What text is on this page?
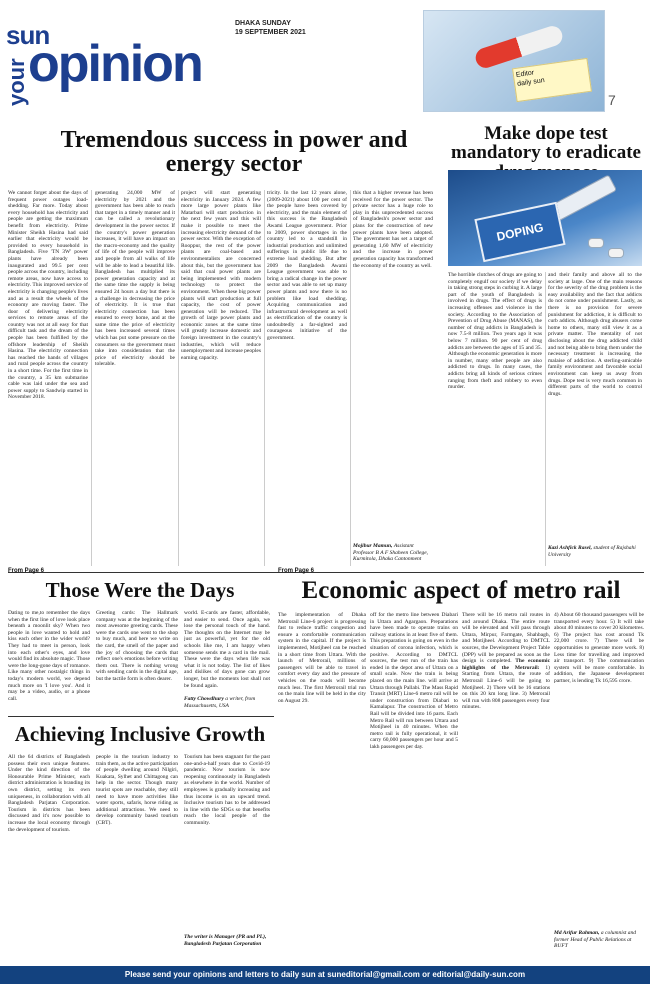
sun
your opinion
DHAKA SUNDAY
19 SEPTEMBER 2021
Editor
daily sun
7
Tremendous success in power and energy sector
We cannot forget about the days of frequent power outages load-shedding. Far more. Today about every household has electricity and people are getting the maximum benefit from electricity. Prime Minister Sheikh Hasina had said earlier that electricity would be provided to every household in Bangladesh. Five 'TN 3W' power plants have already been inaugurated and 99.5 per cent people across the country, including remote areas, now have access to electricity. This improved service of electricity is changing people's lives and as a result the wheels of the economy are moving faster. The door of delivering electricity services to remote areas of the country was not at all easy for that difficult task and the dream of the people has been fulfilled by the offshore leadership of Sheikh Hasina. The electricity connection has reached the hands of villages and rural people across the country in a short time. For the first time in the country, a 35 km submarine cable was laid under the sea and power supply to Sandwip started in November 2018.
generating 24,000 MW of electricity by 2021 and the government has been able to reach that target in a timely manner and it can be called a revolutionary development in the power sector. If the country's power generation increases, it will have an impact on the macro-economy and the quality of life of the people will improve and people from all walks of life will be able to lead a beautiful life. Bangladesh has multiplied its power generation capacity and at the same time the supply is being ensured 24 hours a day but there is a challenge in decreasing the price of electricity. It is true that electricity connection has been ensured to every home, and at the same time the price of electricity has been increased several times which has put some pressure on the consumers so the government must take into consideration that the price of electricity should be tolerable.
project will start generating electricity in January 2024. A few more large power plants like Matarbari will start production in the next few years and this will make it possible to meet the increasing electricity demand of the power sector. With the exception of Rooppur, the rest of the power plants are coal-based and environmentalists are concerned about this, but the government has said that coal power plants are being implemented with modern technology to protect the environment. When these big power plants will start production at full capacity, the cost of power generation will be reduced. The growth of large power plants and economic zones at the same time will greatly increase domestic and foreign investment in the country's industries, which will reduce unemployment and increase peoples earning capacity.
tricity. In the last 12 years alone, (2009-2021) about 100 per cent of the people have been covered by electricity, and the main element of this success is the Bangladesh Awami League government. Prior to 2009, power shortages in the country led to a standstill in industrial production and unlimited sufferings in public life due to extreme load shedding. But after 2009 the Bangladesh Awami League government was able to bring a radical change in the power sector and was able to set up many power plants and now there is no problem like load shedding. Acquiring communication and infrastructural development as well as electrification of the country is undoubtedly a far-sighted and courageous initiative of the government.
this that a higher revenue has been received for the power sector. The private sector has a huge role to play in this unprecedented success of Bangladesh's power sector and plans for the construction of new power plants have been adopted. The government has set a target of generating 1,60 MW of electricity and the increase in power generation capacity has transformed the economy of the country as well.
Mojibur Mamun, Assistant Professor B A F Shaheen College, Kurmitola, Dhaka Cantonment
Make dope test mandatory to eradicate
DOPING
The horrible clutches of drugs are going to completely engulf our society if we delay in taking strong steps in curbing it. A large part of the youth of Bangladesh is involved in drugs. The effect of drugs is increasing offenses and violence in the society. According to the Association of Prevention of Drug Abuse (MANAS), the number of drug addicts in Bangladesh is now 7.5-8 million. Two years ago it was below 7 million. 90 per cent of drug addicts are between the ages of 15 and 35. Although the economic generation is more in number, many other people are also addicted to drugs. In many cases, the addicts bring all kinds of serious crimes ranging from theft and robbery to even murder.
and their family and above all to the society at large. One of the main reasons for the severity of the drug problem is the easy availability and the fact that addicts do not come under punishment. Lastly, as there is no provision for severe punishment for addiction, it is difficult to curb addicts. Although drug abusers come home to others, many still view it as a private matter. The mentality of not disclosing about the drug addicted child and not being able to bring them under the necessary treatment is increasing the malaise of addiction. A sterling-amicable family environment and favorable social environment can keep us away from drugs. Dope test is very much common in different parts of the world to control drugs.
Kazi Ashfick Rasel, student of Rajshahi University
From Page 6
Those Were the Days
Dating to me,to remember the days when the first line of love look place beneath a moonlit sky? When two people in love wanted to hold and kiss each other in the wider world? They had to meet in person, look into each other's eyes, and love would find its absolute magic. Those were the long-gone days of romance. Like many other nostalgic things in today's modern world, we depend much more on 'I love you'. And it may be a video, audio, or a phone call.
Greeting cards: The Hallmark company was at the beginning of the most awesome greeting cards. These were the cards one went to the shop to buy much, and here we write on the card, the smell of the paper and the joy of choosing the cards that reflect one's emotions before writing them out. There is nothing wrong with sending cards in the digital age, but the tactile form is often dearer.
world. E-cards are faster, affordable, and easier to send. Once again, we lose the personal touch of the hand. The thoughts on the Internet may be just as powerful, yet for the old schools like me, I am happy when someone sends me a card in the mail. These were the days when life was what it is not today. The list of likes and dislikes of days gone can grow longer, but the moments lost shall not be found again.
Fatty Chowdhury a writer, from Massachusetts, USA
Achieving Inclusive Growth
All the 64 districts of Bangladesh possess their own unique features. Under the kind direction of the Honourable Prime Minister, each district administration is branding its own district, setting its own uniqueness, in collaboration with all Bangladesh Parjatan Corporation. Tourism in districts has been discussed and it's now possible to increase the local economy through the development of tourism.
people in the tourism industry to train them, as the active participation of people dwelling around Nilgiri, Kuakata, Sylhet and Chittagong can help in the sector. Though many tourist spots are reachable, they still need to have more activities like water sports, safaris, horse riding as additional attractions. We need to develop community based tourism (CBT).
Tourism has been stagnant for the past one-and-a-half years due to Covid-19 pandemic. Now tourism is now reopening continuously in Bangladesh as elsewhere in the world. Number of employees is gradually increasing and thus income is on an upward trend. Inclusive tourism has to be addressed in line with the SDGs so that benefits reach the local people of the community.
The writer is Manager (PR and PL), Bangladesh Parjatan Corporation
From Page 6
Economic aspect of metro rail
The implementation of Dhaka Metrorail Line-6 project is progressing fast to reduce traffic congestion and ensure a comfortable communication system in the capital. If the project is implemented, Motijheel can be reached in a short time from Uttara. With the launch of Metrorail, millions of passengers will be able to travel in comfort every day and the pressure of vehicles on the roads will become much less. The first Metrorail trial run on the main line will be held in the city on August 29.
off for the metro line between Diabari in Uttara and Agargaon. Preparations have been made to operate trains on railway stations in at least five of them. This preparation is going on even in the situation of corona infection, which is positive. According to DMTCL sources, the test run of the train has ended in the depot area of Uttara on a small scale. Now the train is being placed on the main line. will arrive at Uttara through Pallabi. The Mass Rapid Transit (MRT) Line-6 metro rail will be under construction from Diabari to Kamalapur. The construction of Metro Rail will be divided into 16 parts. Each Metro Rail will run between Uttara and Motijheel in 40 minutes. When the metro rail is fully operational, it will carry 60,000 passengers per hour and 5 lakh passengers per day.
There will be 16 metro rail routes in and around Dhaka. The entire route will be elevated and will pass through Uttara, Mirpur, Farmgate, Shahbagh, and Motijheel. According to DMTCL sources, the Development Project Table (DPP) will be prepared as soon as the design is completed. The economic highlights of the Metrorail: 1) Starting from Uttara, the route of Metrorail Line-6 will be going to Motijheel. 2) There will be 16 stations on this 20 km long line. 3) Metrorail will run with 808 passengers every four minutes.
4) About 60 thousand passengers will be transported every hour. 5) It will take about 40 minutes to cover 20 kilometres. 6) The project has cost around Tk 22,000 crore. 7) There will be opportunities to generate more work. 8) Less time for travelling and improved air transport. 9) The communication system will be more comfortable. In addition, the Japanese development partner, is lending Tk 16,595 crore.
Md Arifur Rahman, a columnist and former Head of Public Relations at BUFT
Please send your opinions and letters to daily sun at suneditorial@gmail.com or editorial@daily-sun.com
